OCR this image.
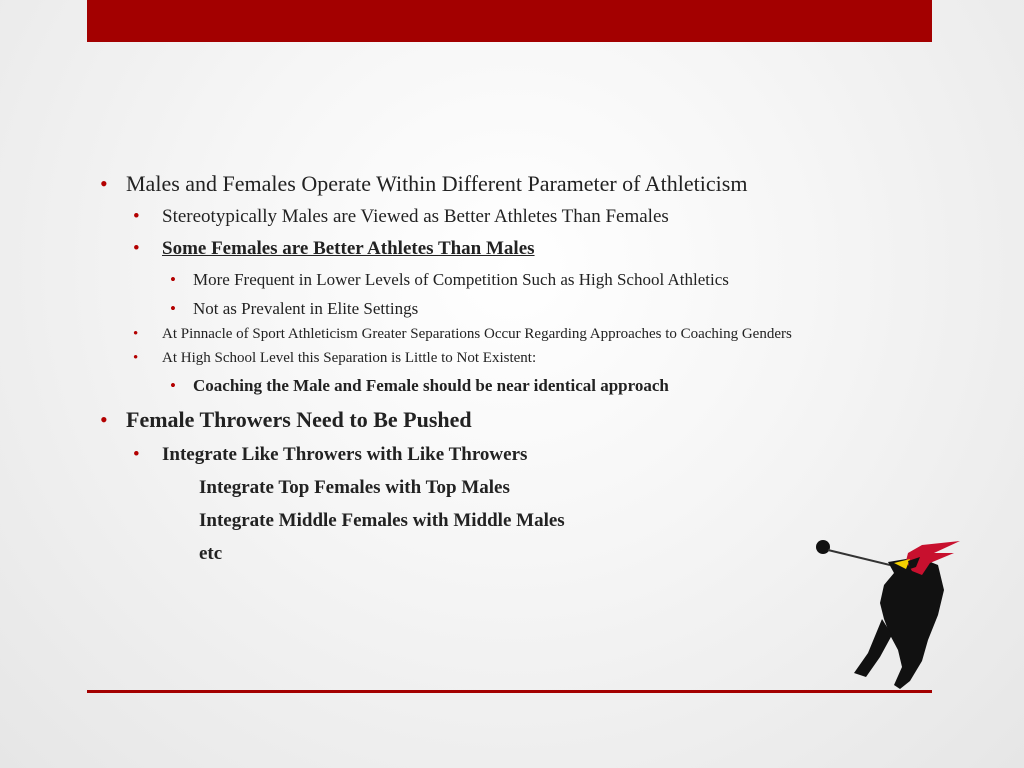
• Males and Females Operate Within Different Parameter of Athleticism
• Stereotypically Males are Viewed as Better Athletes Than Females
• Some Females are Better Athletes Than Males
• More Frequent in Lower Levels of Competition Such as High School Athletics
• Not as Prevalent in Elite Settings
• At Pinnacle of Sport Athleticism Greater Separations Occur Regarding Approaches to Coaching Genders
• At High School Level this Separation is Little to Not Existent:
• Coaching the Male and Female should be near identical approach
• Female Throwers Need to Be Pushed
• Integrate Like Throwers with Like Throwers
Integrate Top Females with Top Males
Integrate Middle Females with Middle Males
etc
